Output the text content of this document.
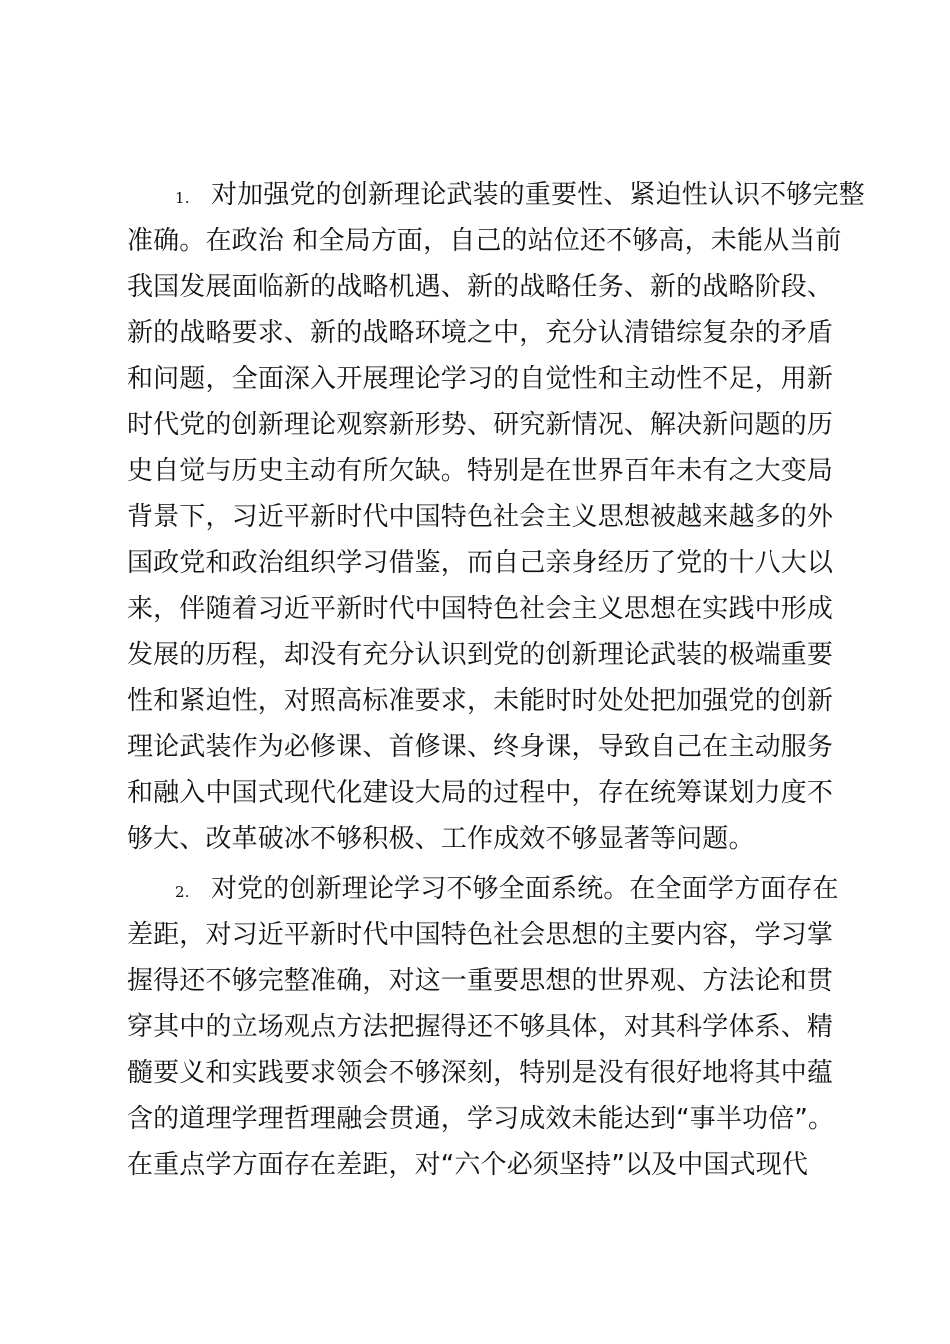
1. 对加强党的创新理论武装的重要性、紧迫性认识不够完整
准确。在政治 和全局方面，自己的站位还不够高，未能从当前
我国发展面临新的战略机遇、新的战略任务、新的战略阶段、
新的战略要求、新的战略环境之中，充分认清错综复杂的矛盾
和问题，全面深入开展理论学习的自觉性和主动性不足，用新
时代党的创新理论观察新形势、研究新情况、解决新问题的历
史自觉与历史主动有所欠缺。特别是在世界百年未有之大变局
背景下，习近平新时代中国特色社会主义思想被越来越多的外
国政党和政治组织学习借鉴，而自己亲身经历了党的十八大以
来，伴随着习近平新时代中国特色社会主义思想在实践中形成
发展的历程，却没有充分认识到党的创新理论武装的极端重要
性和紧迫性，对照高标准要求，未能时时处处把加强党的创新
理论武装作为必修课、首修课、终身课，导致自己在主动服务
和融入中国式现代化建设大局的过程中，存在统筹谋划力度不
够大、改革破冰不够积极、工作成效不够显著等问题。
2. 对党的创新理论学习不够全面系统。在全面学方面存在
差距，对习近平新时代中国特色社会思想的主要内容，学习掌
握得还不够完整准确，对这一重要思想的世界观、方法论和贯
穿其中的立场观点方法把握得还不够具体，对其科学体系、精
髓要义和实践要求领会不够深刻，特别是没有很好地将其中蕴
含的道理学理哲理融会贯通，学习成效未能达到“事半功倍”。
在重点学方面存在差距，对“六个必须坚持”以及中国式现代
